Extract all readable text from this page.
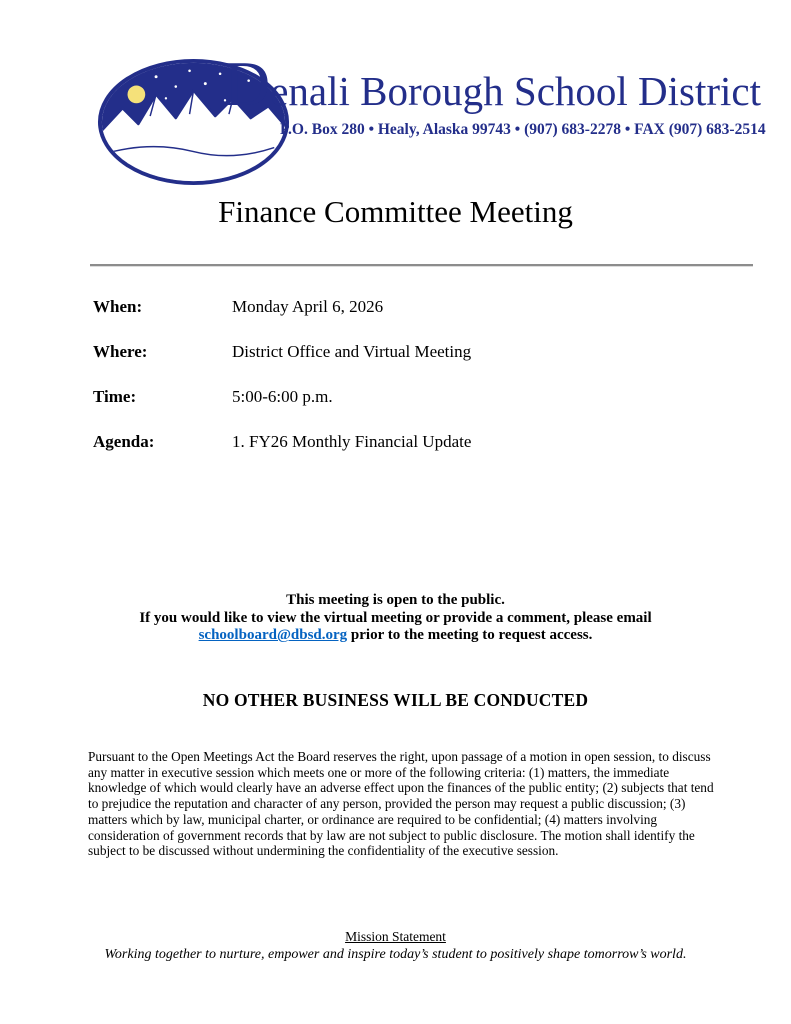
D enali Borough School District
P.O. Box 280 • Healy, Alaska 99743 • (907) 683-2278 • FAX (907) 683-2514
Finance Committee Meeting
When:	Monday April 6, 2026
Where:	District Office and Virtual Meeting
Time:	5:00-6:00 p.m.
Agenda:	1. FY26 Monthly Financial Update
This meeting is open to the public.
If you would like to view the virtual meeting or provide a comment, please email
schoolboard@dbsd.org prior to the meeting to request access.
NO OTHER BUSINESS WILL BE CONDUCTED

Pursuant to the Open Meetings Act the Board reserves the right, upon passage of a motion in open session, to discuss any matter in executive session which meets one or more of the following criteria: (1) matters, the immediate knowledge of which would clearly have an adverse effect upon the finances of the public entity; (2) subjects that tend to prejudice the reputation and character of any person, provided the person may request a public discussion; (3) matters which by law, municipal charter, or ordinance are required to be confidential; (4) matters involving consideration of government records that by law are not subject to public disclosure. The motion shall identify the subject to be discussed without undermining the confidentiality of the executive session.

Mission Statement
Working together to nurture, empower and inspire today’s student to positively shape tomorrow’s world.
